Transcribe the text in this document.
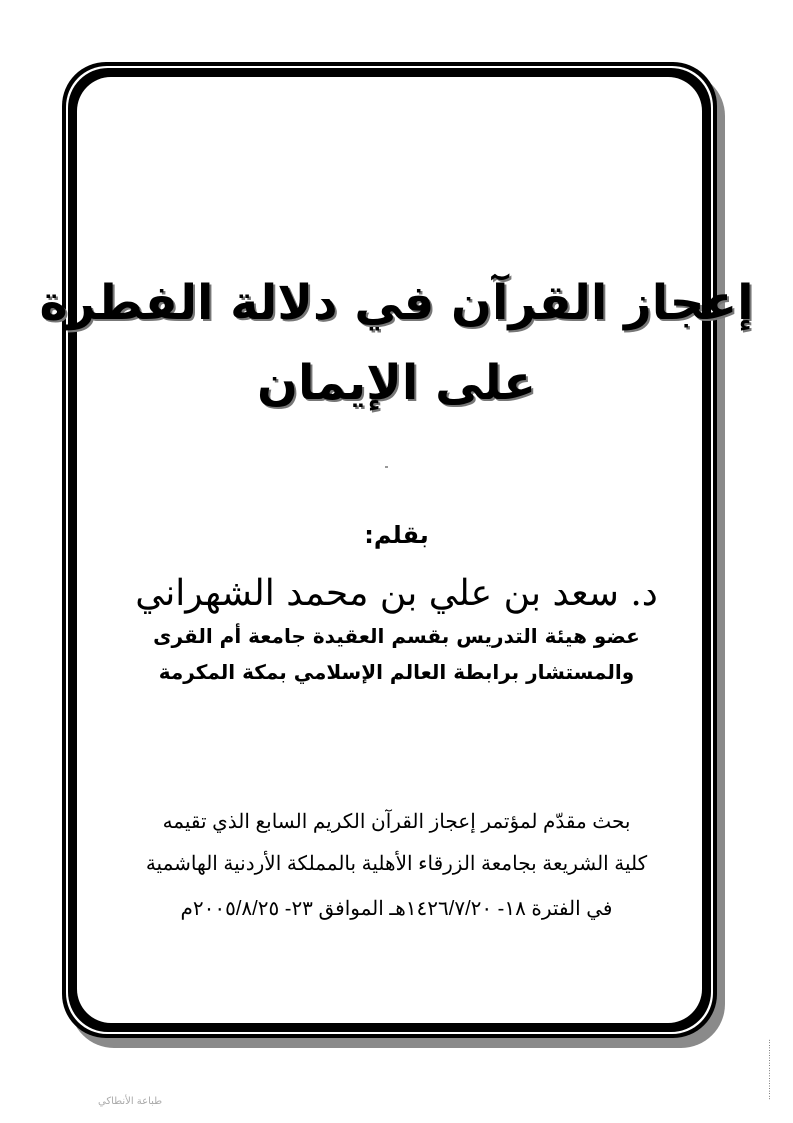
إعجاز القرآن في دلالة الفطرة
على الإيمان
بقلم:
د. سعد بن علي بن محمد الشهراني
عضو هيئة التدريس بقسم العقيدة جامعة أم القرى
والمستشار برابطة العالم الإسلامي بمكة المكرمة
بحث مقدّم لمؤتمر إعجاز القرآن الكريم السابع الذي تقيمه
كلية الشريعة بجامعة الزرقاء الأهلية بالمملكة الأردنية الهاشمية
في الفترة ١٨- ١٤٢٦/٧/٢٠هـ الموافق ٢٣- ٢٠٠٥/٨/٢٥م
طباعة الأنطاكي
........................
